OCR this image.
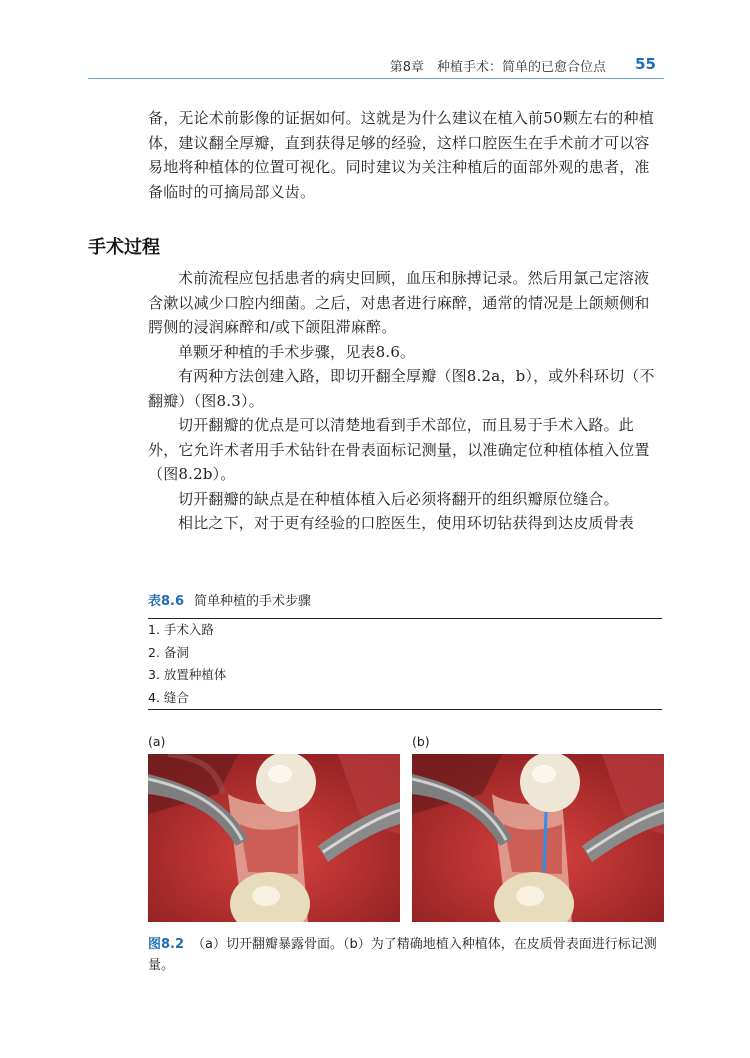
第8章　种植手术：简单的已愈合位点 55
备，无论术前影像的证据如何。这就是为什么建议在植入前50颗左右的种植体，建议翻全厚瓣，直到获得足够的经验，这样口腔医生在手术前才可以容易地将种植体的位置可视化。同时建议为关注种植后的面部外观的患者，准备临时的可摘局部义齿。
手术过程

术前流程应包括患者的病史回顾，血压和脉搏记录。然后用氯己定溶液含漱以减少口腔内细菌。之后，对患者进行麻醉，通常的情况是上颌颊侧和腭侧的浸润麻醉和/或下颌阻滞麻醉。

单颗牙种植的手术步骤，见表8.6。

有两种方法创建入路，即切开翻全厚瓣（图8.2a，b），或外科环切（不翻瓣）（图8.3）。

切开翻瓣的优点是可以清楚地看到手术部位，而且易于手术入路。此外，它允许术者用手术钻针在骨表面标记测量，以准确定位种植体植入位置（图8.2b）。

切开翻瓣的缺点是在种植体植入后必须将翻开的组织瓣原位缝合。

相比之下，对于更有经验的口腔医生，使用环切钻获得到达皮质骨表

表8.6 简单种植的手术步骤
1. 手术入路
2. 备洞
3. 放置种植体
4. 缝合
(a)	(b)
图8.2 （a）切开翻瓣暴露骨面。（b）为了精确地植入种植体，在皮质骨表面进行标记测量。
